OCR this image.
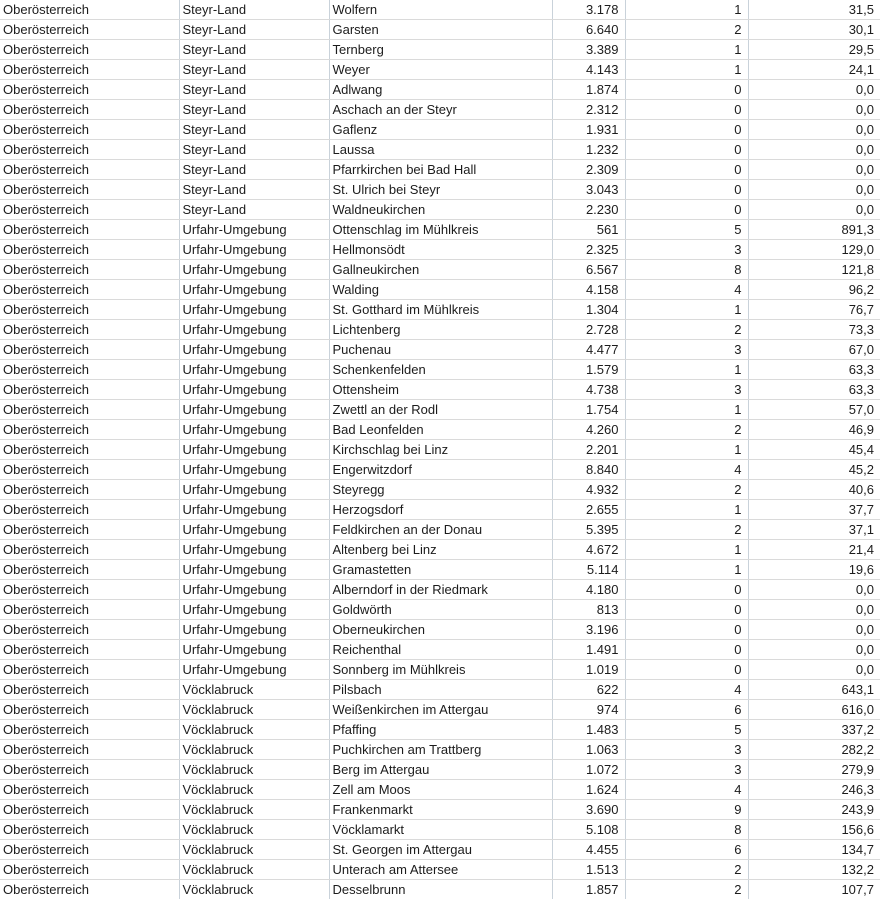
Oberösterreich	Steyr-Land	Wolfern	3.178	1	31,5
Oberösterreich	Steyr-Land	Garsten	6.640	2	30,1
Oberösterreich	Steyr-Land	Ternberg	3.389	1	29,5
Oberösterreich	Steyr-Land	Weyer	4.143	1	24,1
Oberösterreich	Steyr-Land	Adlwang	1.874	0	0,0
Oberösterreich	Steyr-Land	Aschach an der Steyr	2.312	0	0,0
Oberösterreich	Steyr-Land	Gaflenz	1.931	0	0,0
Oberösterreich	Steyr-Land	Laussa	1.232	0	0,0
Oberösterreich	Steyr-Land	Pfarrkirchen bei Bad Hall	2.309	0	0,0
Oberösterreich	Steyr-Land	St. Ulrich bei Steyr	3.043	0	0,0
Oberösterreich	Steyr-Land	Waldneukirchen	2.230	0	0,0
Oberösterreich	Urfahr-Umgebung	Ottenschlag im Mühlkreis	561	5	891,3
Oberösterreich	Urfahr-Umgebung	Hellmonsödt	2.325	3	129,0
Oberösterreich	Urfahr-Umgebung	Gallneukirchen	6.567	8	121,8
Oberösterreich	Urfahr-Umgebung	Walding	4.158	4	96,2
Oberösterreich	Urfahr-Umgebung	St. Gotthard im Mühlkreis	1.304	1	76,7
Oberösterreich	Urfahr-Umgebung	Lichtenberg	2.728	2	73,3
Oberösterreich	Urfahr-Umgebung	Puchenau	4.477	3	67,0
Oberösterreich	Urfahr-Umgebung	Schenkenfelden	1.579	1	63,3
Oberösterreich	Urfahr-Umgebung	Ottensheim	4.738	3	63,3
Oberösterreich	Urfahr-Umgebung	Zwettl an der Rodl	1.754	1	57,0
Oberösterreich	Urfahr-Umgebung	Bad Leonfelden	4.260	2	46,9
Oberösterreich	Urfahr-Umgebung	Kirchschlag bei Linz	2.201	1	45,4
Oberösterreich	Urfahr-Umgebung	Engerwitzdorf	8.840	4	45,2
Oberösterreich	Urfahr-Umgebung	Steyregg	4.932	2	40,6
Oberösterreich	Urfahr-Umgebung	Herzogsdorf	2.655	1	37,7
Oberösterreich	Urfahr-Umgebung	Feldkirchen an der Donau	5.395	2	37,1
Oberösterreich	Urfahr-Umgebung	Altenberg bei Linz	4.672	1	21,4
Oberösterreich	Urfahr-Umgebung	Gramastetten	5.114	1	19,6
Oberösterreich	Urfahr-Umgebung	Alberndorf in der Riedmark	4.180	0	0,0
Oberösterreich	Urfahr-Umgebung	Goldwörth	813	0	0,0
Oberösterreich	Urfahr-Umgebung	Oberneukirchen	3.196	0	0,0
Oberösterreich	Urfahr-Umgebung	Reichenthal	1.491	0	0,0
Oberösterreich	Urfahr-Umgebung	Sonnberg im Mühlkreis	1.019	0	0,0
Oberösterreich	Vöcklabruck	Pilsbach	622	4	643,1
Oberösterreich	Vöcklabruck	Weißenkirchen im Attergau	974	6	616,0
Oberösterreich	Vöcklabruck	Pfaffing	1.483	5	337,2
Oberösterreich	Vöcklabruck	Puchkirchen am Trattberg	1.063	3	282,2
Oberösterreich	Vöcklabruck	Berg im Attergau	1.072	3	279,9
Oberösterreich	Vöcklabruck	Zell am Moos	1.624	4	246,3
Oberösterreich	Vöcklabruck	Frankenmarkt	3.690	9	243,9
Oberösterreich	Vöcklabruck	Vöcklamarkt	5.108	8	156,6
Oberösterreich	Vöcklabruck	St. Georgen im Attergau	4.455	6	134,7
Oberösterreich	Vöcklabruck	Unterach am Attersee	1.513	2	132,2
Oberösterreich	Vöcklabruck	Desselbrunn	1.857	2	107,7
